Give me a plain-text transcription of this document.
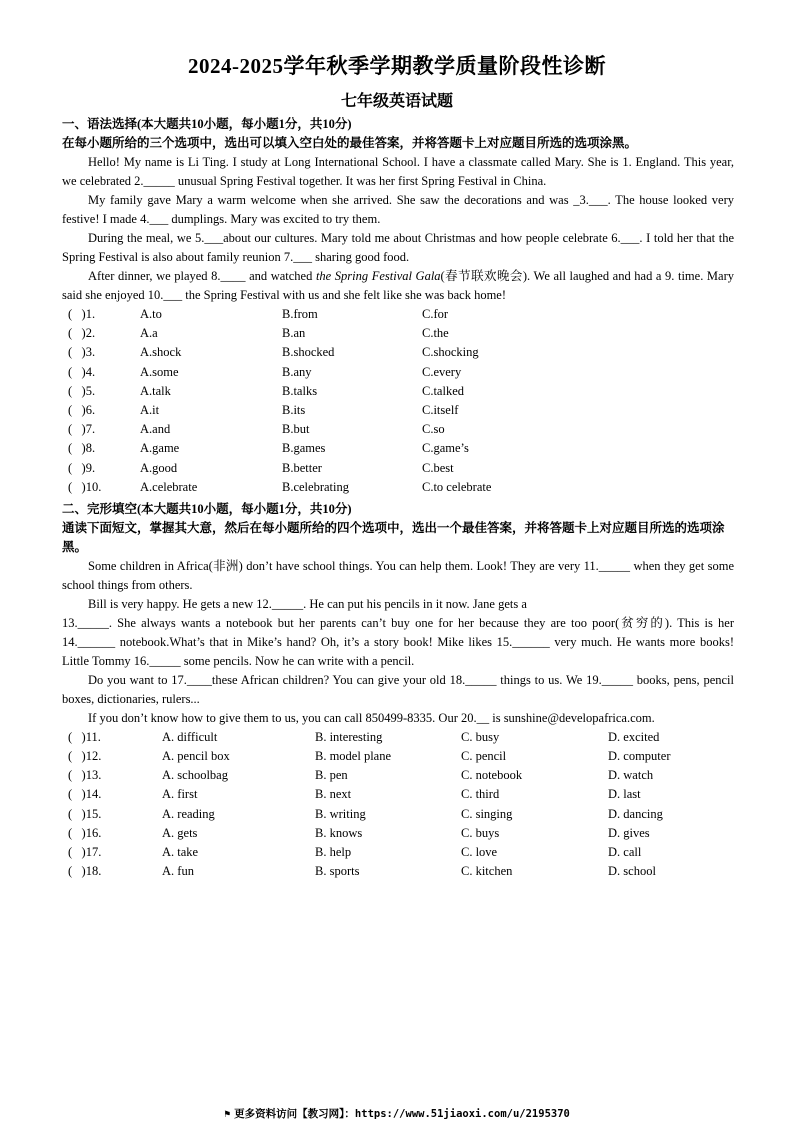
2024-2025学年秋季学期教学质量阶段性诊断
七年级英语试题

一、语法选择(本大题共10小题，每小题1分，共10分)

在每小题所给的三个选项中，选出可以填入空白处的最佳答案，并将答题卡上对应题目所选的选项涂黑。

Hello! My name is Li Ting. I study at Long International School. I have a classmate called Mary. She is 1. England. This year, we celebrated 2._____ unusual Spring Festival together. It was her first Spring Festival in China.

My family gave Mary a warm welcome when she arrived. She saw the decorations and was _3.___. The house looked very festive! I made 4.___ dumplings. Mary was excited to try them.

During the meal, we 5.___about our cultures. Mary told me about Christmas and how people celebrate 6.___. I told her that the Spring Festival is also about family reunion 7.___ sharing good food.

After dinner, we played 8.____ and watched the Spring Festival Gala(春节联欢晚会). We all laughed and had a 9. time. Mary said she enjoyed 10.___ the Spring Festival with us and she felt like she was back home!

(   )1.	A.to	B.from	C.for
(   )2.	A.a	B.an	C.the
(   )3.	A.shock	B.shocked	C.shocking
(   )4.	A.some	B.any	C.every
(   )5.	A.talk	B.talks	C.talked
(   )6.	A.it	B.its	C.itself
(   )7.	A.and	B.but	C.so
(   )8.	A.game	B.games	C.game’s
(   )9.	A.good	B.better	C.best
(   )10.	A.celebrate	B.celebrating	C.to celebrate

二、完形填空(本大题共10小题，每小题1分，共10分)

通读下面短文，掌握其大意，然后在每小题所给的四个选项中，选出一个最佳答案，并将答题卡上对应题目所选的选项涂黑。

Some children in Africa(非洲) don’t have school things. You can help them. Look! They are very 11._____ when they get some school things from others.

Bill is very happy. He gets a new 12._____. He can put his pencils in it now. Jane gets a

13._____. She always wants a notebook but her parents can’t buy one for her because they are too poor(贫穷的). This is her 14.______ notebook.What’s that in Mike’s hand? Oh, it’s a story book! Mike likes 15.______ very much. He wants more books! Little Tommy 16._____ some pencils. Now he can write with a pencil.

Do you want to 17.____these African children? You can give your old 18._____ things to us. We 19._____ books, pens, pencil boxes, dictionaries, rulers...

If you don’t know how to give them to us, you can call 850499-8335. Our 20.__ is sunshine@developafrica.com.

(   )11.	A. difficult	B. interesting	C. busy	D. excited
(   )12.	A. pencil box	B. model plane	C. pencil	D. computer
(   )13.	A. schoolbag	B. pen	C. notebook	D. watch
(   )14.	A. first	B. next	C. third	D. last
(   )15.	A. reading	B. writing	C. singing	D. dancing
(   )16.	A. gets	B. knows	C. buys	D. gives
(   )17.	A. take	B. help	C. love	D. call
(   )18.	A. fun	B. sports	C. kitchen	D. school
⚑ 更多资料访问【教习网】：https://www.51jiaoxi.com/u/2195370
